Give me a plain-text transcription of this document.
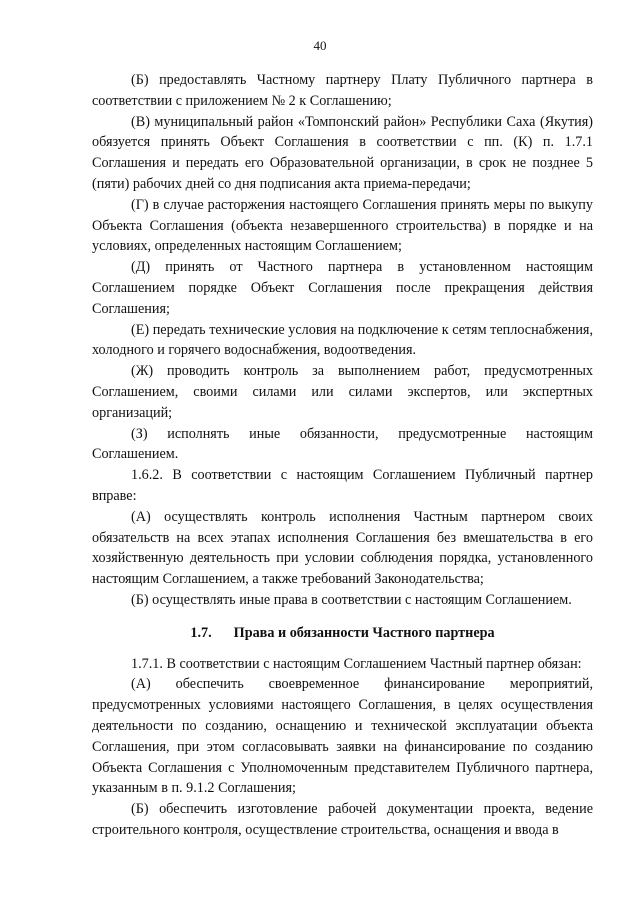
40

(Б) предоставлять Частному партнеру Плату Публичного партнера в соответствии с приложением № 2 к Соглашению;

(В) муниципальный район «Томпонский район» Республики Саха (Якутия) обязуется принять Объект Соглашения в соответствии с пп. (К) п. 1.7.1 Соглашения и передать его Образовательной организации, в срок не позднее 5 (пяти) рабочих дней со дня подписания акта приема-передачи;

(Г) в случае расторжения настоящего Соглашения принять меры по выкупу Объекта Соглашения (объекта незавершенного строительства) в порядке и на условиях, определенных настоящим Соглашением;

(Д) принять от Частного партнера в установленном настоящим Соглашением порядке Объект Соглашения после прекращения действия Соглашения;

(Е) передать технические условия на подключение к сетям теплоснабжения, холодного и горячего водоснабжения, водоотведения.

(Ж) проводить контроль за выполнением работ, предусмотренных Соглашением, своими силами или силами экспертов, или экспертных организаций;

(З) исполнять иные обязанности, предусмотренные настоящим Соглашением.

1.6.2. В соответствии с настоящим Соглашением Публичный партнер вправе:

(А) осуществлять контроль исполнения Частным партнером своих обязательств на всех этапах исполнения Соглашения без вмешательства в его хозяйственную деятельность при условии соблюдения порядка, установленного настоящим Соглашением, а также требований Законодательства;

(Б) осуществлять иные права в соответствии с настоящим Соглашением.

1.7. Права и обязанности Частного партнера

1.7.1. В соответствии с настоящим Соглашением Частный партнер обязан:

(А) обеспечить своевременное финансирование мероприятий, предусмотренных условиями настоящего Соглашения, в целях осуществления деятельности по созданию, оснащению и технической эксплуатации объекта Соглашения, при этом согласовывать заявки на финансирование по созданию Объекта Соглашения с Уполномоченным представителем Публичного партнера, указанным в п. 9.1.2 Соглашения;

(Б) обеспечить изготовление рабочей документации проекта, ведение строительного контроля, осуществление строительства, оснащения и ввода в
